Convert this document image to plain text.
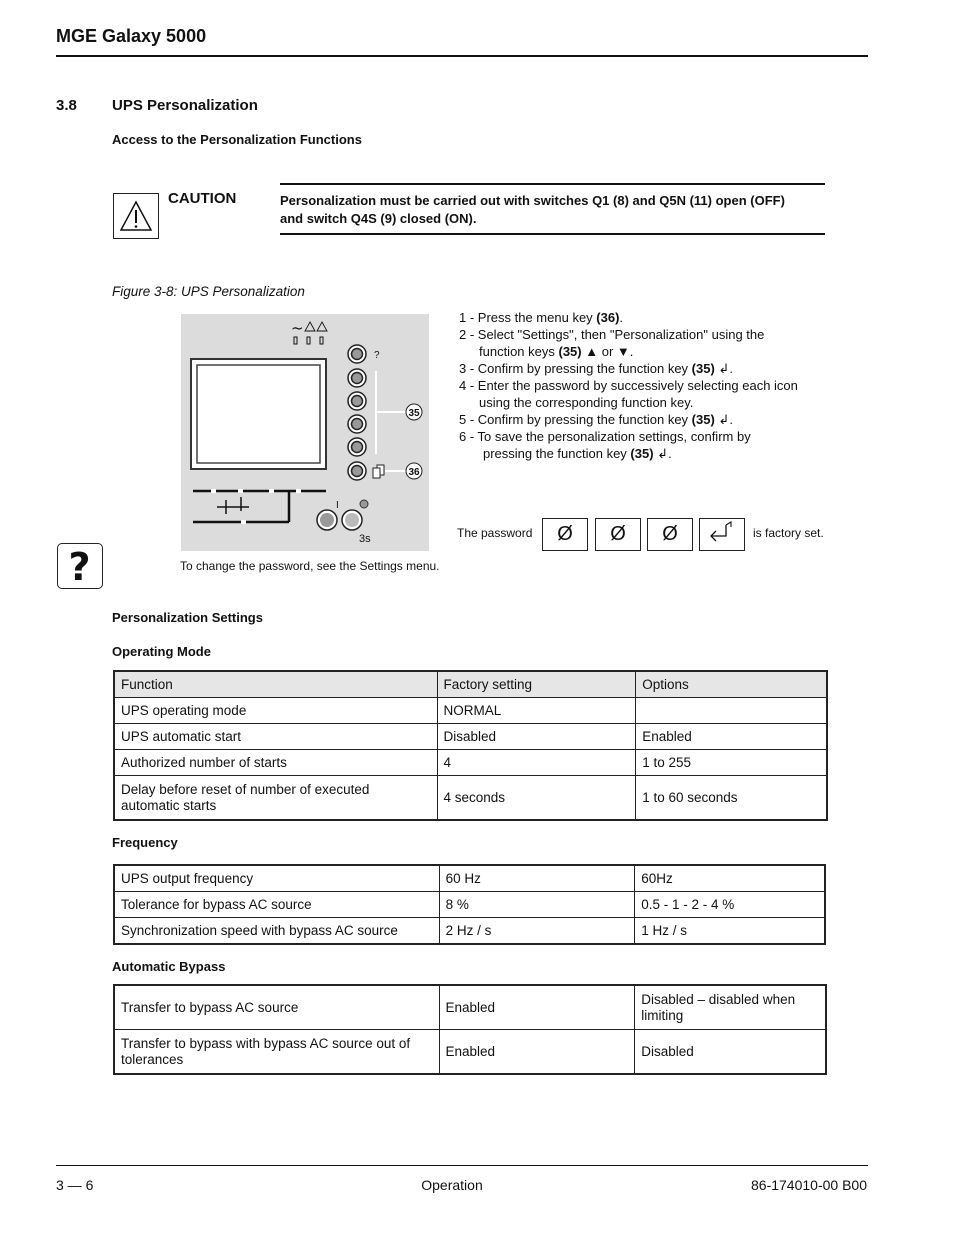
MGE Galaxy 5000
3.8 UPS Personalization
Access to the Personalization Functions
CAUTION	Personalization must be carried out with switches Q1 (8) and Q5N (11) open (OFF)
and switch Q4S (9) closed (ON).
Figure 3-8: UPS Personalization
~
?
35
36
I
3s
1 - Press the menu key (36).
2 - Select "Settings", then "Personalization" using the
function keys (35) ▲ or ▼.
3 - Confirm by pressing the function key (35) ↲.
4 - Enter the password by successively selecting each icon
using the corresponding function key.
5 - Confirm by pressing the function key (35) ↲.
6 - To save the personalization settings, confirm by
pressing the function key (35) ↲.
The password	Ø	Ø	Ø	is factory set.
?	To change the password, see the Settings menu.
Personalization Settings
Operating Mode
Function	Factory setting	Options
UPS operating mode	NORMAL	
UPS automatic start	Disabled	Enabled
Authorized number of starts	4	1 to 255
Delay before reset of number of executed automatic starts	4 seconds	1 to 60 seconds
Frequency
UPS output frequency	60 Hz	60Hz
Tolerance for bypass AC source	8 %	0.5 - 1 - 2 - 4 %
Synchronization speed with bypass AC source	2 Hz / s	1 Hz / s
Automatic Bypass
Transfer to bypass AC source	Enabled	Disabled – disabled when limiting
Transfer to bypass with bypass AC source out of tolerances	Enabled	Disabled
3 — 6	Operation	86-174010-00 B00
